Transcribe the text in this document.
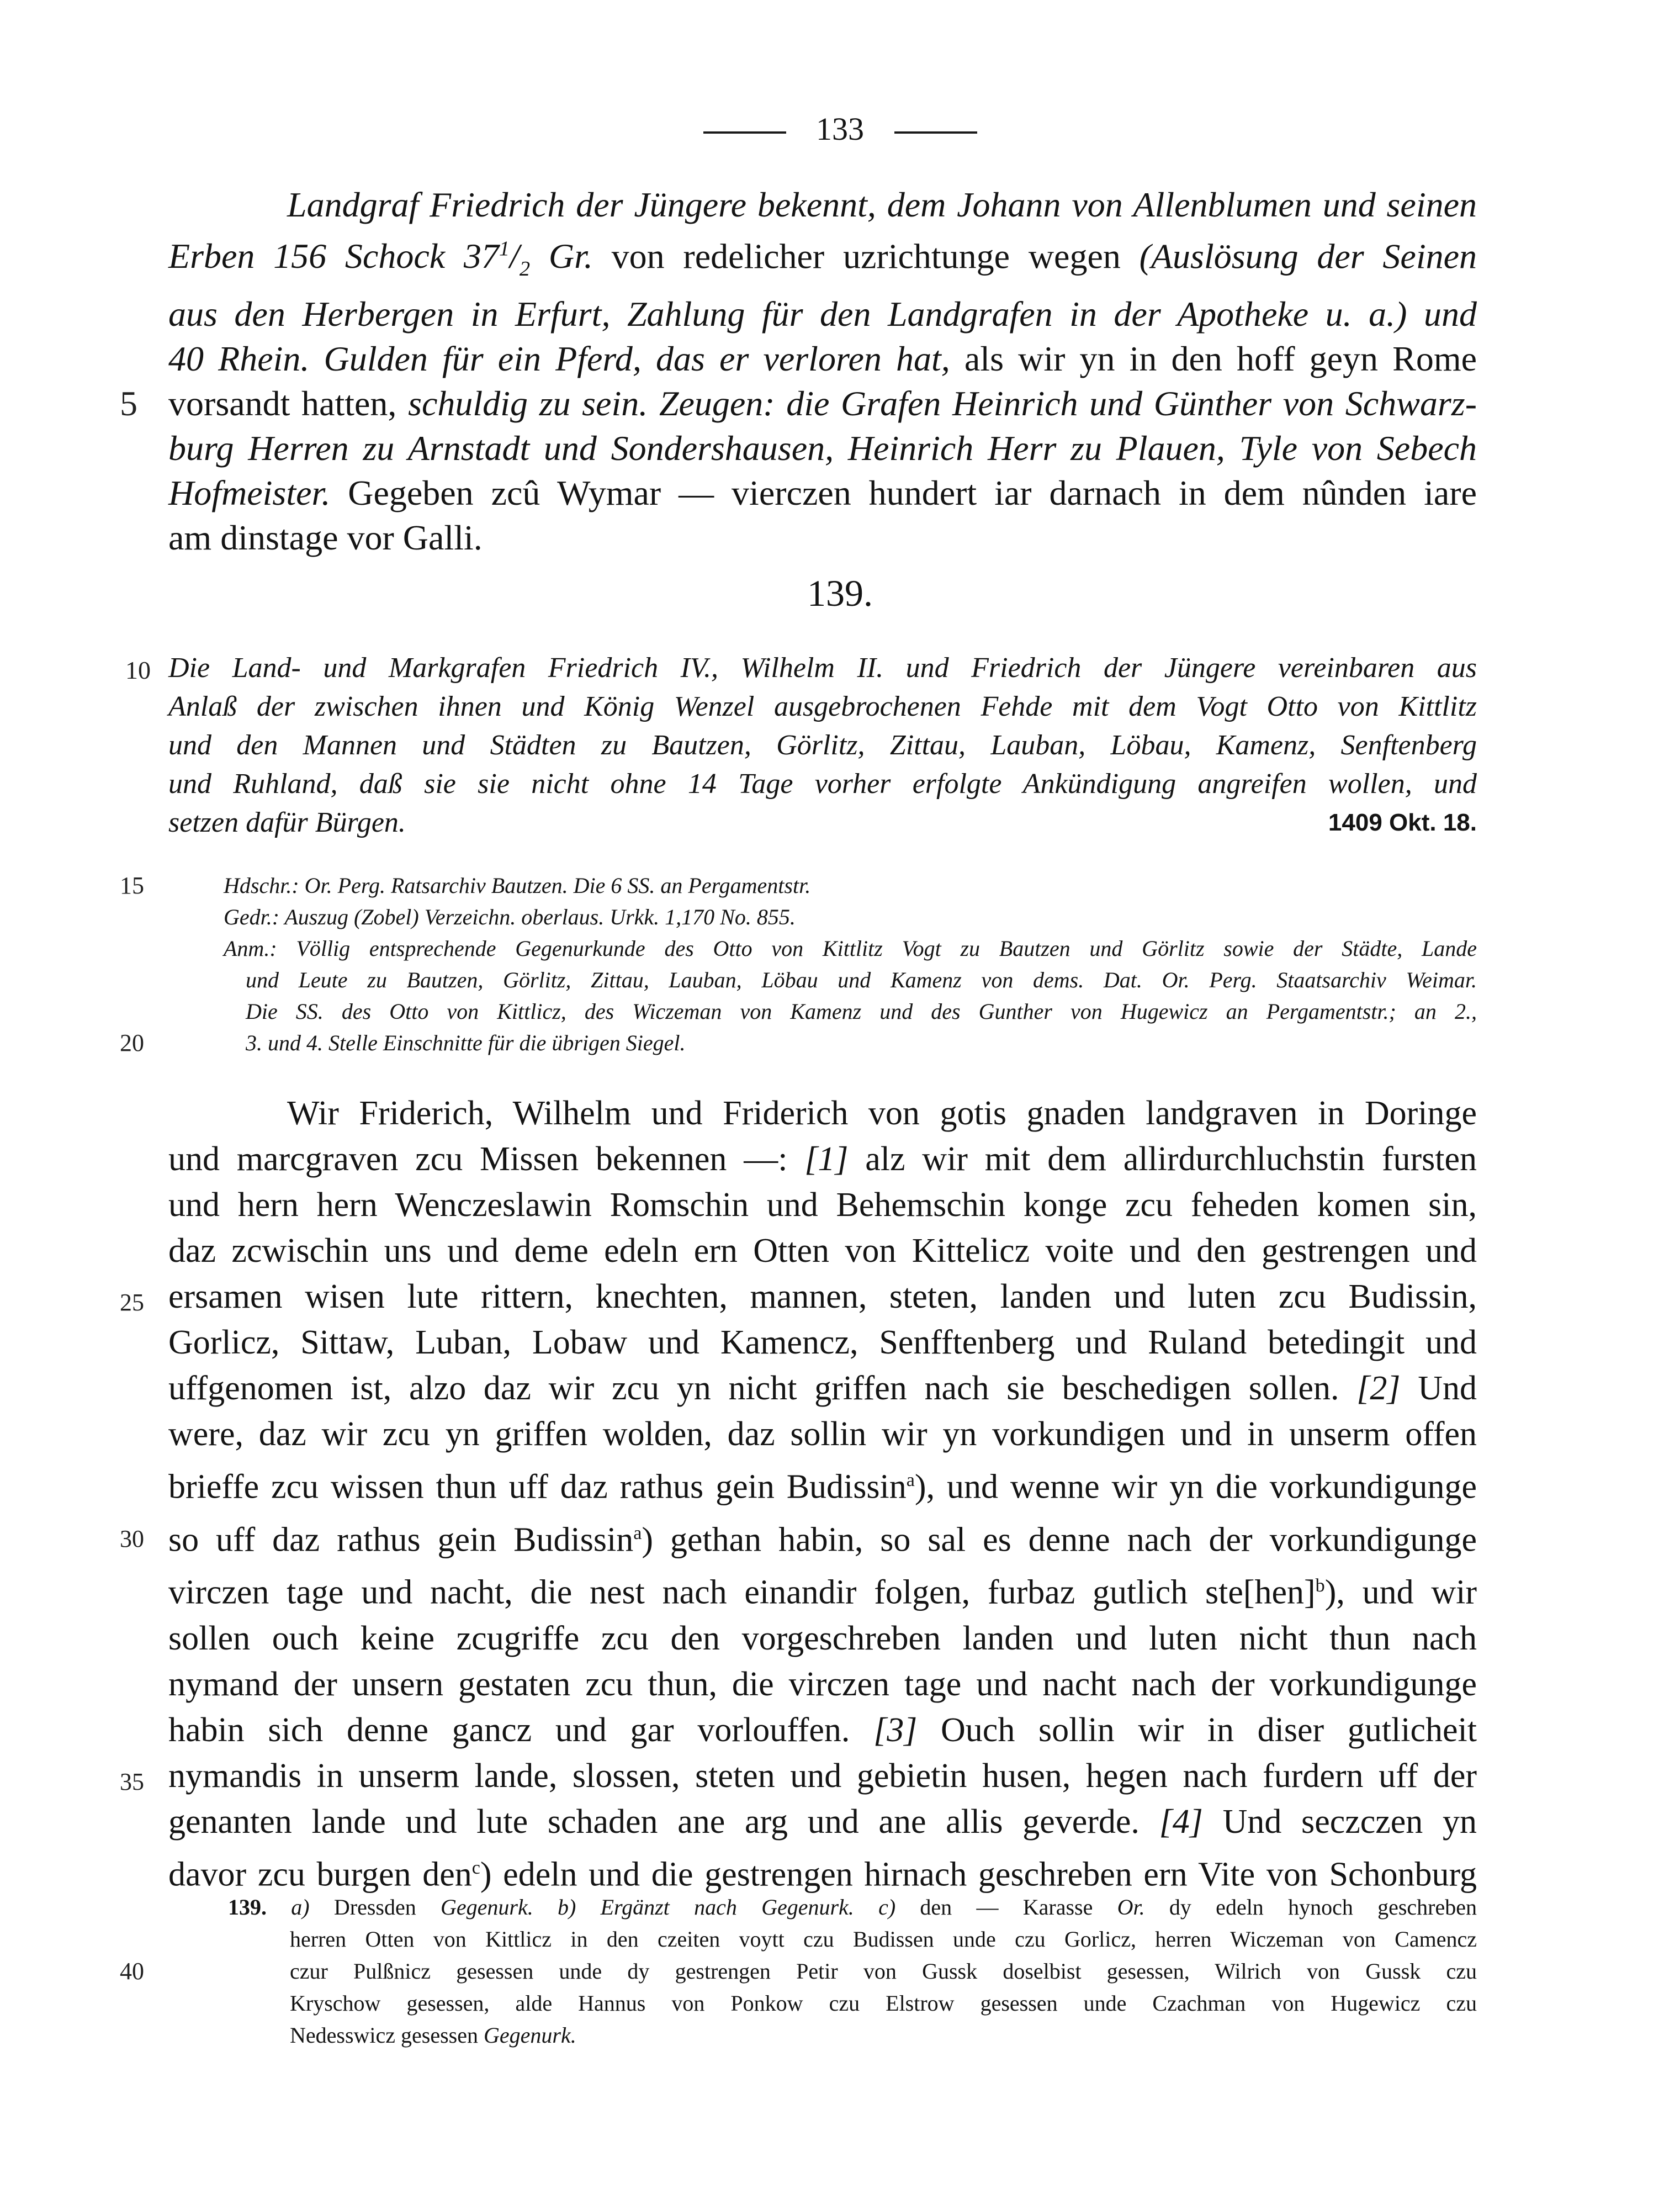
133
Landgraf Friedrich der Jüngere bekennt, dem Johann von Allenblumen und seinen
Erben 156 Schock $37^1/_2$ Gr. von redelicher uzrichtunge wegen (Auslösung der Seinen
aus den Herbergen in Erfurt, Zahlung für den Landgrafen in der Apotheke u. a.) und
40 Rhein. Gulden für ein Pferd, das er verloren hat, als wir yn in den hoff geyn Rome
5 vorsandt hatten, schuldig zu sein. Zeugen: die Grafen Heinrich und Günther von Schwarz-
burg Herren zu Arnstadt und Sondershausen, Heinrich Herr zu Plauen, Tyle von Sebech
Hofmeister. Gegeben zcû Wymar — vierczen hundert iar darnach in dem nûnden iare
am dinstage vor Galli.
139.
10 Die Land- und Markgrafen Friedrich IV., Wilhelm II. und Friedrich der Jüngere vereinbaren aus
Anlaß der zwischen ihnen und König Wenzel ausgebrochenen Fehde mit dem Vogt Otto von Kittlitz
und den Mannen und Städten zu Bautzen, Görlitz, Zittau, Lauban, Löbau, Kamenz, Senftenberg
und Ruhland, daß sie sie nicht ohne 14 Tage vorher erfolgte Ankündigung angreifen wollen, und
setzen dafür Bürgen.	1409 Okt. 18.
15	Hdschr.: Or. Perg. Ratsarchiv Bautzen. Die 6 SS. an Pergamentstr.
Gedr.: Auszug (Zobel) Verzeichn. oberlaus. Urkk. 1,170 No. 855.
Anm.: Völlig entsprechende Gegenurkunde des Otto von Kittlitz Vogt zu Bautzen und Görlitz sowie der Städte, Lande
und Leute zu Bautzen, Görlitz, Zittau, Lauban, Löbau und Kamenz von dems. Dat. Or. Perg. Staatsarchiv Weimar.
Die SS. des Otto von Kittlicz, des Wiczeman von Kamenz und des Gunther von Hugewicz an Pergamentstr.; an 2.,
20	3. und 4. Stelle Einschnitte für die übrigen Siegel.
Wir Friderich, Wilhelm und Friderich von gotis gnaden landgraven in Doringe
und marcgraven zcu Missen bekennen —: [1] alz wir mit dem allirdurchluchstin fursten
und hern hern Wenczeslawin Romschin und Behemschin konge zcu feheden komen sin,
daz zcwischin uns und deme edeln ern Otten von Kittelicz voite und den gestrengen und
25 ersamen wisen lute rittern, knechten, mannen, steten, landen und luten zcu Budissin,
Gorlicz, Sittaw, Luban, Lobaw und Kamencz, Senfftenberg und Ruland betedingit und
uffgenomen ist, alzo daz wir zcu yn nicht griffen nach sie beschedigen sollen. [2] Und
were, daz wir zcu yn griffen wolden, daz sollin wir yn vorkundigen und in unserm offen
brieffe zcu wissen thun uff daz rathus gein Budissin$^a$), und wenne wir yn die vorkundigunge
30 so uff daz rathus gein Budissin$^a$) gethan habin, so sal es denne nach der vorkundigunge
virczen tage und nacht, die nest nach einandir folgen, furbaz gutlich ste[hen]$^b$), und wir
sollen ouch keine zcugriffe zcu den vorgeschreben landen und luten nicht thun nach
nymand der unsern gestaten zcu thun, die virczen tage und nacht nach der vorkundigunge
habin sich denne gancz und gar vorlouffen. [3] Ouch sollin wir in diser gutlicheit
35 nymandis in unserm lande, slossen, steten und gebietin husen, hegen nach furdern uff der
genanten lande und lute schaden ane arg und ane allis geverde. [4] Und seczczen yn
davor zcu burgen den$^c$) edeln und die gestrengen hirnach geschreben ern Vite von Schonburg
139. a) Dressden Gegenurk. b) Ergänzt nach Gegenurk. c) den — Karasse Or. dy edeln hynoch geschreben
herren Otten von Kittlicz in den czeiten voytt czu Budissen unde czu Gorlicz, herren Wiczeman von Camencz
40	czur Pulßnicz gesessen unde dy gestrengen Petir von Gussk doselbist gesessen, Wilrich von Gussk czu
Kryschow gesessen, alde Hannus von Ponkow czu Elstrow gesessen unde Czachman von Hugewicz czu
Nedesswicz gesessen Gegenurk.
